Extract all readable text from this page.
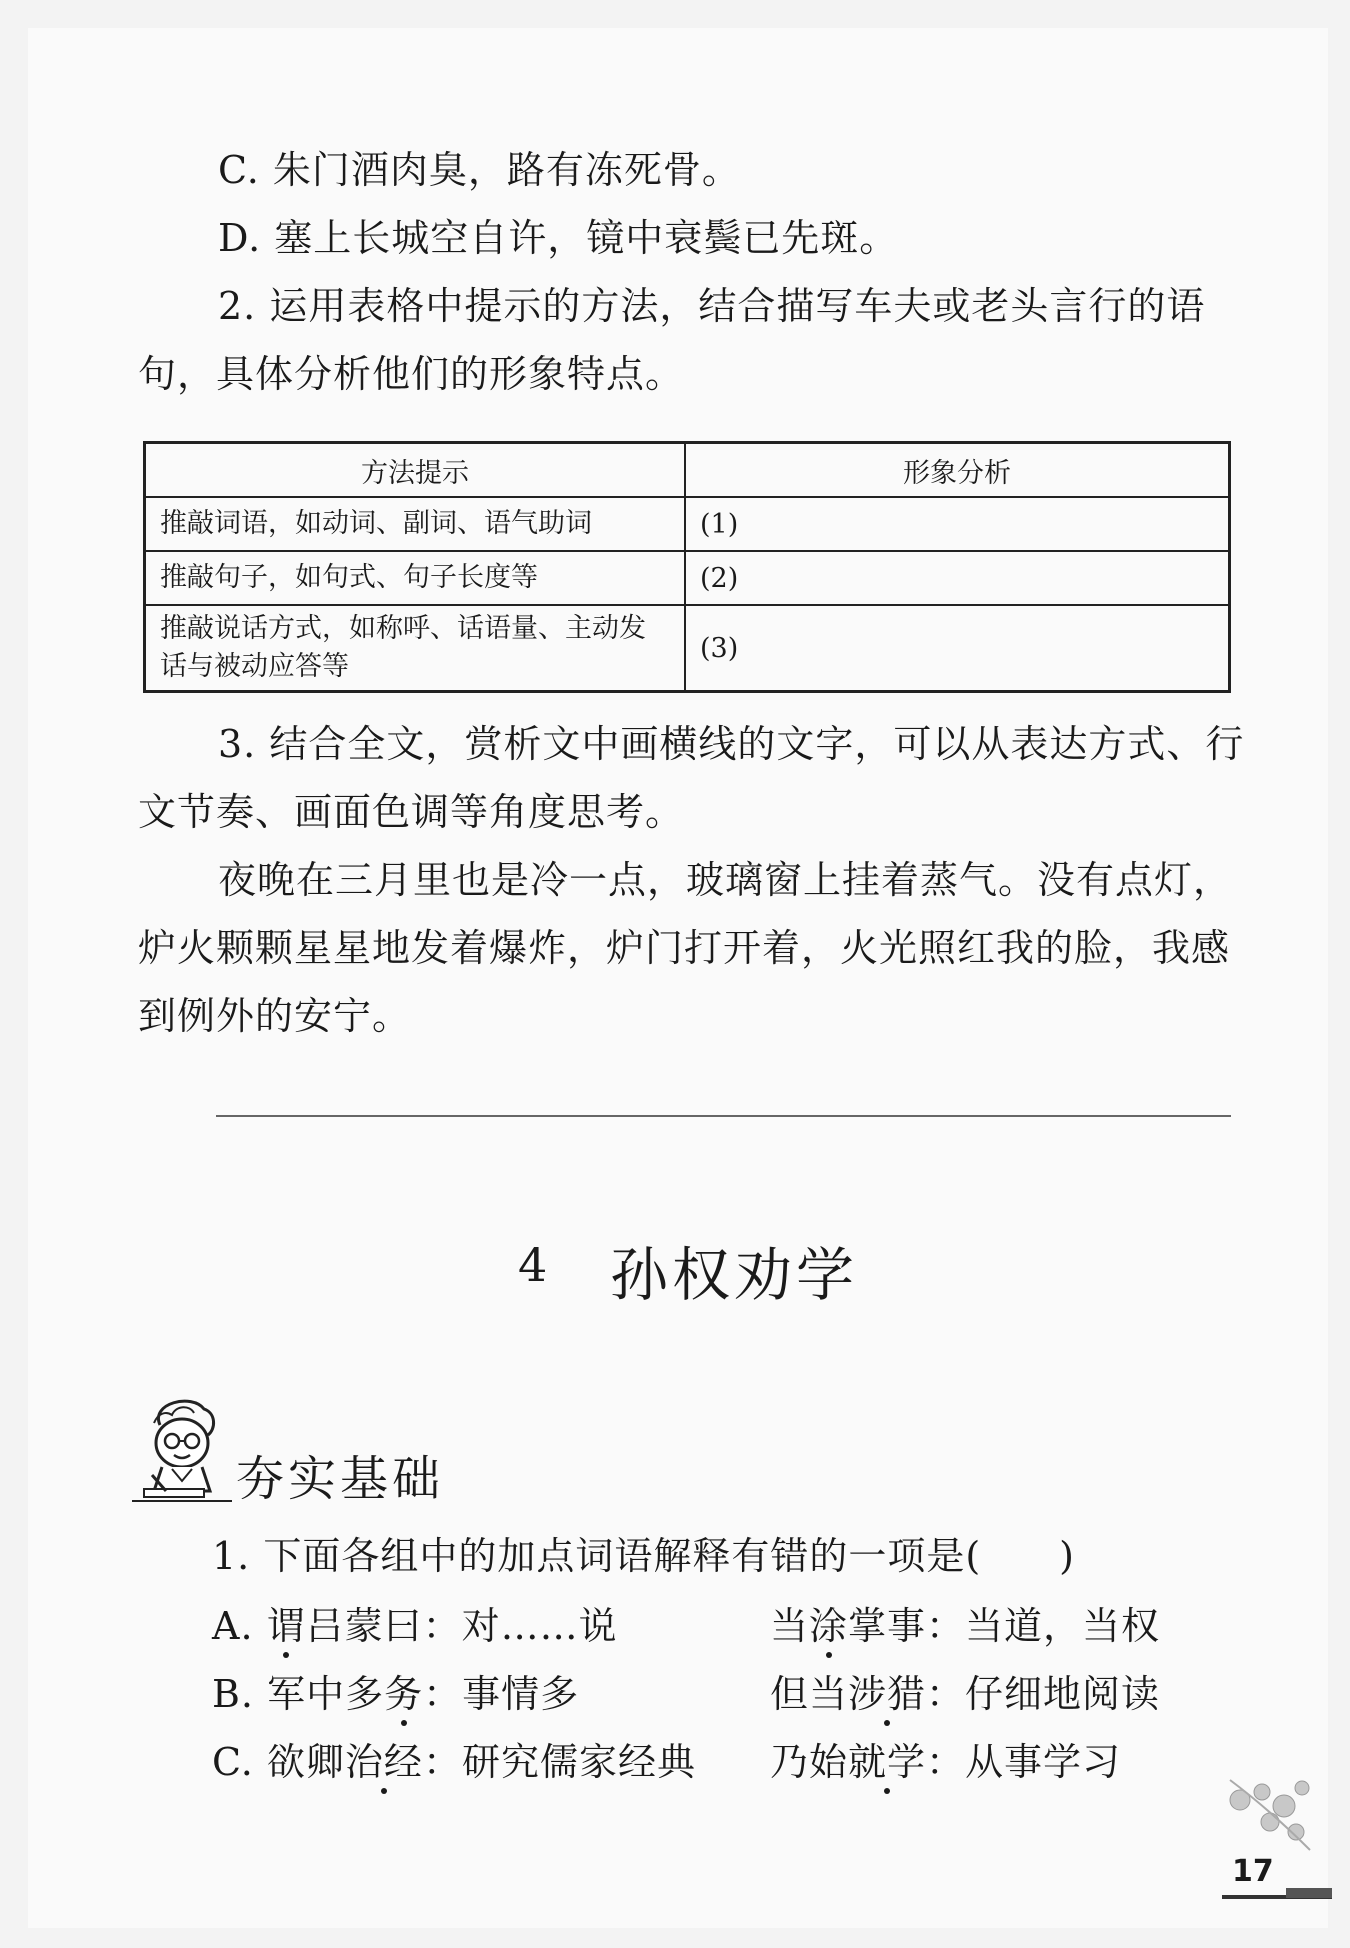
C. 朱门酒肉臭，路有冻死骨。
D. 塞上长城空自许，镜中衰鬓已先斑。
2. 运用表格中提示的方法，结合描写车夫或老头言行的语
句，具体分析他们的形象特点。
方法提示	形象分析
推敲词语，如动词、副词、语气助词	(1)
推敲句子，如句式、句子长度等	(2)

推敲说话方式，如称呼、话语量、主动发
话与被动应答等	(3)
3. 结合全文，赏析文中画横线的文字，可以从表达方式、行
文节奏、画面色调等角度思考。
夜晚在三月里也是冷一点，玻璃窗上挂着蒸气。没有点灯，
炉火颗颗星星地发着爆炸，炉门打开着，火光照红我的脸，我感
到例外的安宁。
4 孙权劝学
夯实基础
1. 下面各组中的加点词语解释有错的一项是(　　)
A. 谓吕蒙曰：对……说	当涂掌事：当道，当权
B. 军中多务：事情多	但当涉猎：仔细地阅读
C. 欲卿治经：研究儒家经典 乃始就学：从事学习
17
